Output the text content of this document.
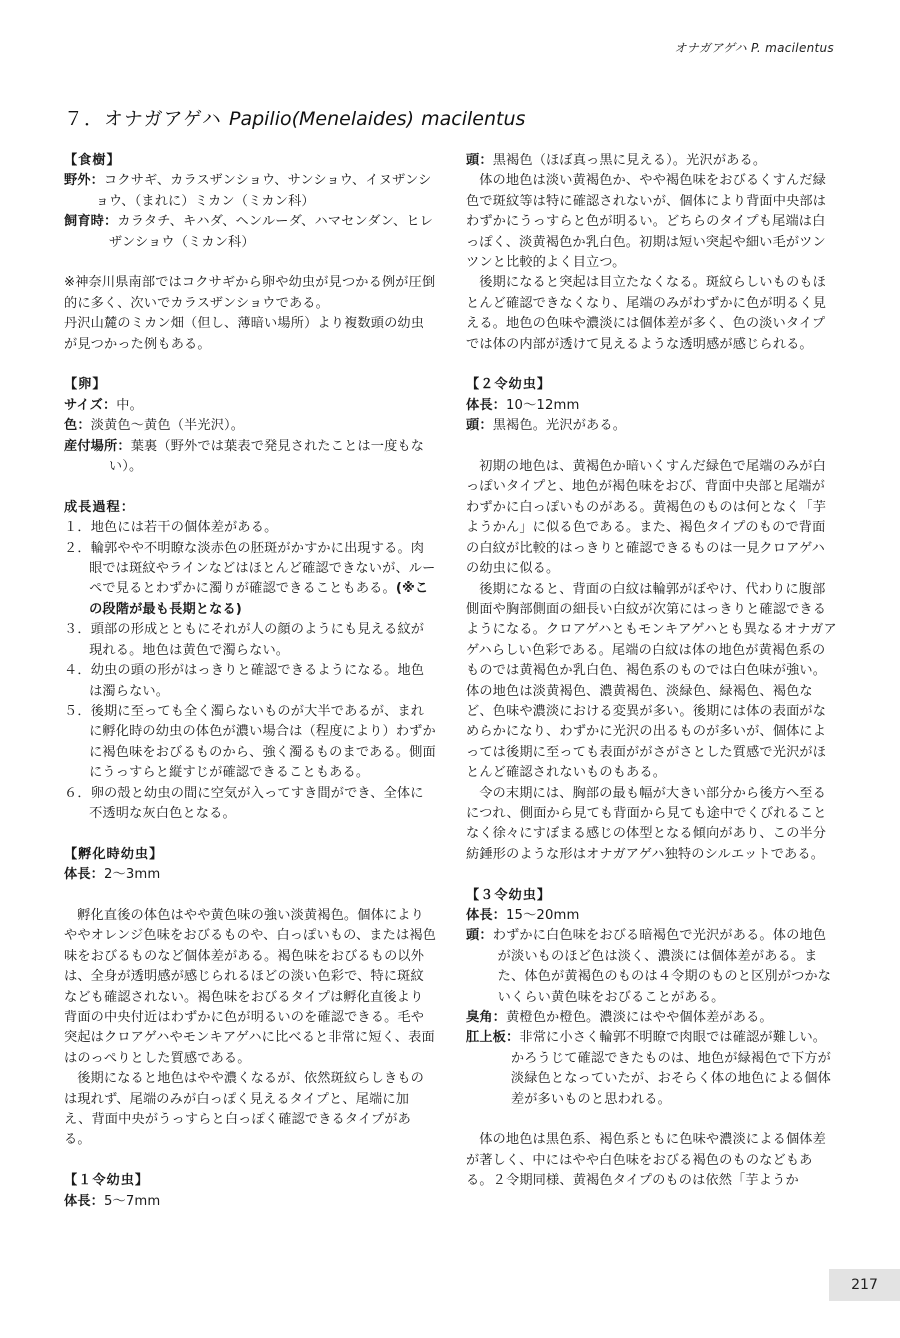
オナガアゲハ P. macilentus
７．オナガアゲハ Papilio(Menelaides) macilentus

【食樹】

野外：コクサギ、カラスザンショウ、サンショウ、イヌザンショウ、（まれに）ミカン（ミカン科）

飼育時：カラタチ、キハダ、ヘンルーダ、ハマセンダン、ヒレザンショウ（ミカン科）

※神奈川県南部ではコクサギから卵や幼虫が見つかる例が圧倒的に多く、次いでカラスザンショウである。

丹沢山麓のミカン畑（但し、薄暗い場所）より複数頭の幼虫が見つかった例もある。

【卵】

サイズ：中。

色：淡黄色〜黄色（半光沢）。

産付場所：葉裏（野外では葉表で発見されたことは一度もない）。

成長過程：

１．地色には若干の個体差がある。
２．輪郭やや不明瞭な淡赤色の胚斑がかすかに出現する。肉眼では斑紋やラインなどはほとんど確認できないが、ルーペで見るとわずかに濁りが確認できることもある。(※この段階が最も長期となる)
３．頭部の形成とともにそれが人の顔のようにも見える紋が現れる。地色は黄色で濁らない。
４．幼虫の頭の形がはっきりと確認できるようになる。地色は濁らない。
５．後期に至っても全く濁らないものが大半であるが、まれに孵化時の幼虫の体色が濃い場合は（程度により）わずかに褐色味をおびるものから、強く濁るものまである。側面にうっすらと縦すじが確認できることもある。
６．卵の殻と幼虫の間に空気が入ってすき間ができ、全体に不透明な灰白色となる。

【孵化時幼虫】

体長：2〜3mm

孵化直後の体色はやや黄色味の強い淡黄褐色。個体によりややオレンジ色味をおびるものや、白っぽいもの、または褐色味をおびるものなど個体差がある。褐色味をおびるもの以外は、全身が透明感が感じられるほどの淡い色彩で、特に斑紋なども確認されない。褐色味をおびるタイプは孵化直後より背面の中央付近はわずかに色が明るいのを確認できる。毛や突起はクロアゲハやモンキアゲハに比べると非常に短く、表面はのっぺりとした質感である。

後期になると地色はやや濃くなるが、依然斑紋らしきものは現れず、尾端のみが白っぽく見えるタイプと、尾端に加え、背面中央がうっすらと白っぽく確認できるタイプがある。

【１令幼虫】

体長：5〜7mm

頭：黒褐色（ほぼ真っ黒に見える）。光沢がある。

体の地色は淡い黄褐色か、やや褐色味をおびるくすんだ緑色で斑紋等は特に確認されないが、個体により背面中央部はわずかにうっすらと色が明るい。どちらのタイプも尾端は白っぽく、淡黄褐色か乳白色。初期は短い突起や細い毛がツンツンと比較的よく目立つ。

後期になると突起は目立たなくなる。斑紋らしいものもほとんど確認できなくなり、尾端のみがわずかに色が明るく見える。地色の色味や濃淡には個体差が多く、色の淡いタイプでは体の内部が透けて見えるような透明感が感じられる。

【２令幼虫】

体長：10〜12mm

頭：黒褐色。光沢がある。

初期の地色は、黄褐色か暗いくすんだ緑色で尾端のみが白っぽいタイプと、地色が褐色味をおび、背面中央部と尾端がわずかに白っぽいものがある。黄褐色のものは何となく「芋ようかん」に似る色である。また、褐色タイプのもので背面の白紋が比較的はっきりと確認できるものは一見クロアゲハの幼虫に似る。

後期になると、背面の白紋は輪郭がぼやけ、代わりに腹部側面や胸部側面の細長い白紋が次第にはっきりと確認できるようになる。クロアゲハともモンキアゲハとも異なるオナガアゲハらしい色彩である。尾端の白紋は体の地色が黄褐色系のものでは黄褐色か乳白色、褐色系のものでは白色味が強い。体の地色は淡黄褐色、濃黄褐色、淡緑色、緑褐色、褐色など、色味や濃淡における変異が多い。後期には体の表面がなめらかになり、わずかに光沢の出るものが多いが、個体によっては後期に至っても表面ががさがさとした質感で光沢がほとんど確認されないものもある。

令の末期には、胸部の最も幅が大きい部分から後方へ至るにつれ、側面から見ても背面から見ても途中でくびれることなく徐々にすぼまる感じの体型となる傾向があり、この半分紡錘形のような形はオナガアゲハ独特のシルエットである。

【３令幼虫】

体長：15〜20mm

頭：わずかに白色味をおびる暗褐色で光沢がある。体の地色が淡いものほど色は淡く、濃淡には個体差がある。また、体色が黄褐色のものは４令期のものと区別がつかないくらい黄色味をおびることがある。

臭角：黄橙色か橙色。濃淡にはやや個体差がある。

肛上板：非常に小さく輪郭不明瞭で肉眼では確認が難しい。かろうじて確認できたものは、地色が緑褐色で下方が淡緑色となっていたが、おそらく体の地色による個体差が多いものと思われる。

体の地色は黒色系、褐色系ともに色味や濃淡による個体差が著しく、中にはやや白色味をおびる褐色のものなどもある。２令期同様、黄褐色タイプのものは依然「芋ようか

217
